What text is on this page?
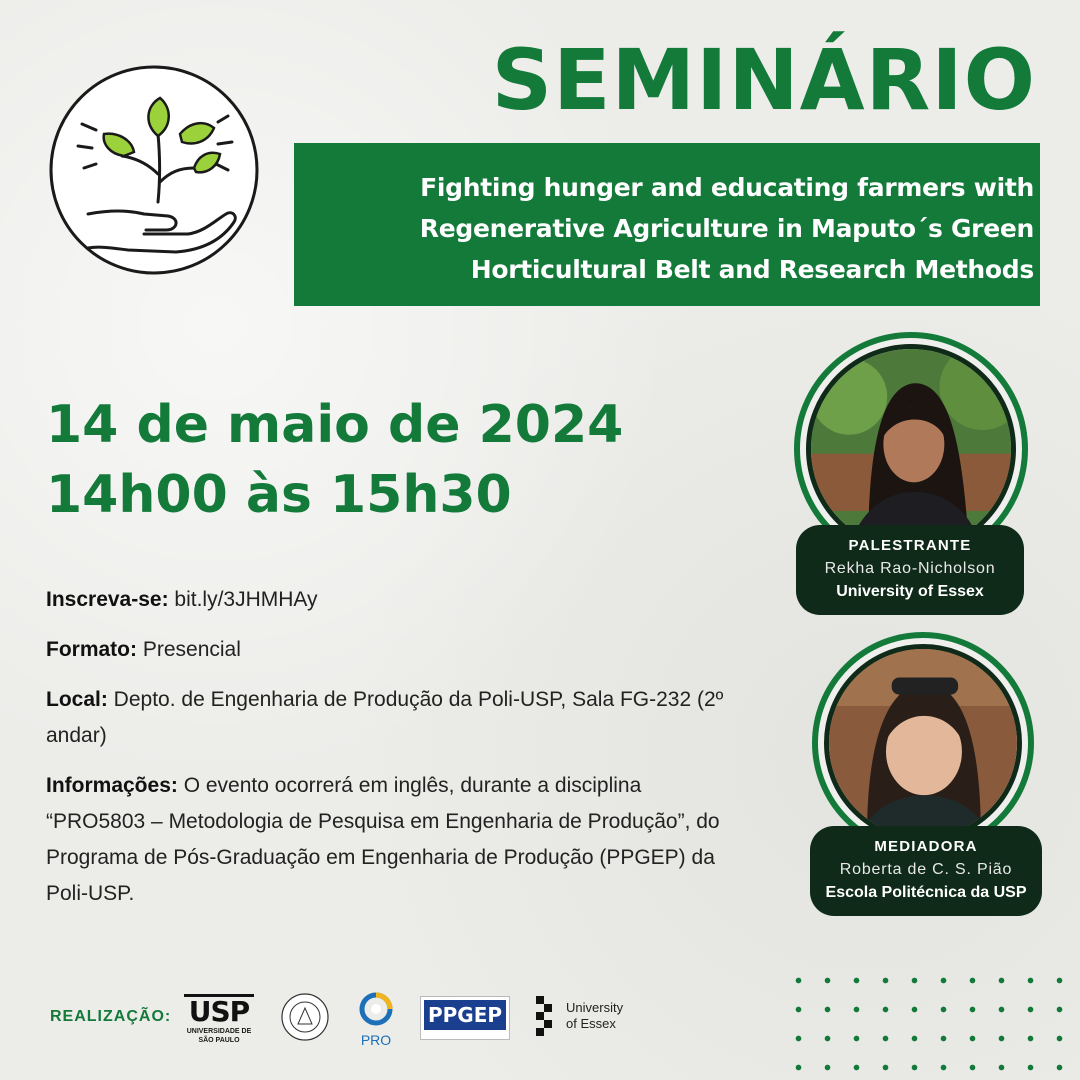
SEMINÁRIO
Fighting hunger and educating farmers with
Regenerative Agriculture in Maputo´s Green
Horticultural Belt and Research Methods
14 de maio de 2024
14h00 às 15h30

Inscreva-se: bit.ly/3JHMHAy

Formato: Presencial

Local: Depto. de Engenharia de Produção da Poli-USP, Sala FG-232 (2º andar)

Informações: O evento ocorrerá em inglês, durante a disciplina “PRO5803 – Metodologia de Pesquisa em Engenharia de Produção”, do Programa de Pós-Graduação em Engenharia de Produção (PPGEP) da Poli-USP.

PALESTRANTE
Rekha Rao-Nicholson
University of Essex
MEDIADORA
Roberta de C. S. Pião
Escola Politécnica da USP
REALIZAÇÃO: USP
UNIVERSIDADE DE
SÃO PAULO	PRO
PPGEP	University
of Essex
